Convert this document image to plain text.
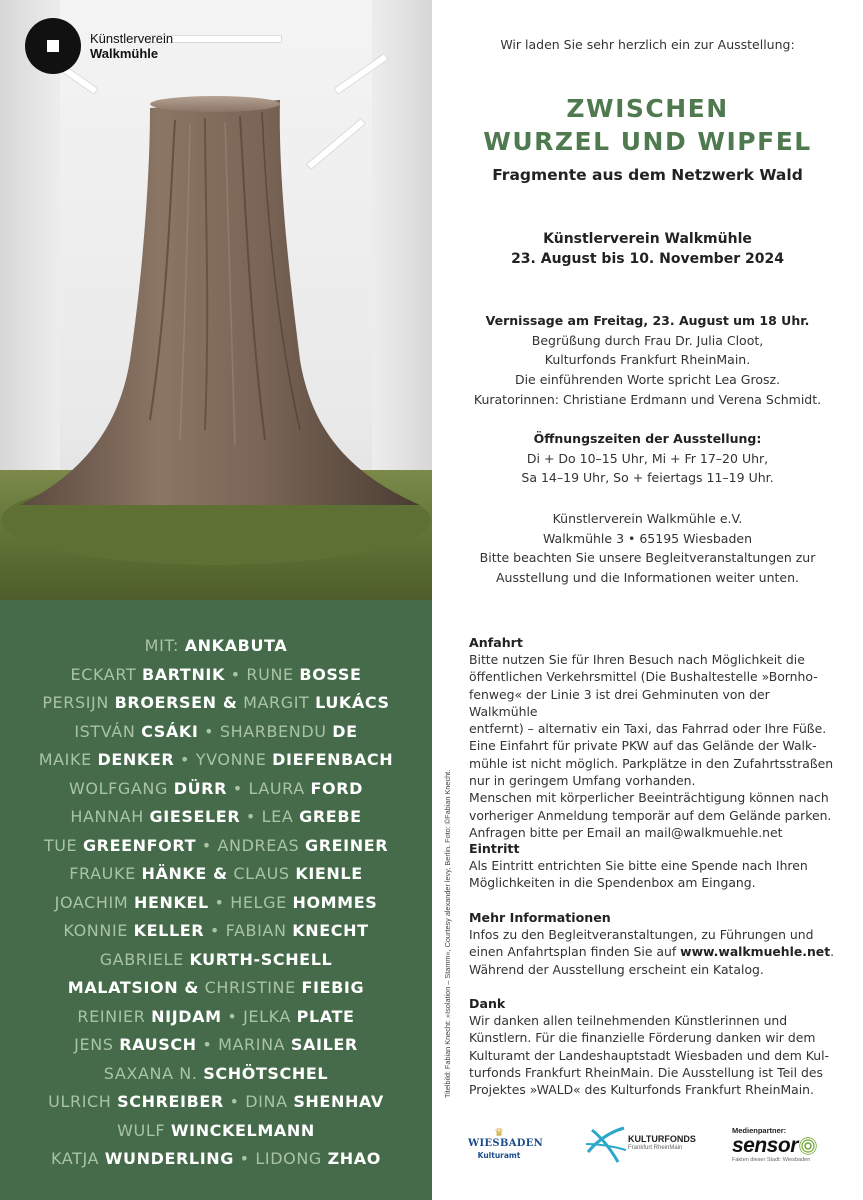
Künstlerverein
Walkmühle
MIT: ANKABUTA
ECKART BARTNIK • RUNE BOSSE
PERSIJN BROERSEN & MARGIT LUKÁCS
ISTVÁN CSÁKI • SHARBENDU DE
MAIKE DENKER • YVONNE DIEFENBACH
WOLFGANG DÜRR • LAURA FORD
HANNAH GIESELER • LEA GREBE
TUE GREENFORT • ANDREAS GREINER
FRAUKE HÄNKE & CLAUS KIENLE
JOACHIM HENKEL • HELGE HOMMES
KONNIE KELLER • FABIAN KNECHT
GABRIELE KURTH-SCHELL
MALATSION & CHRISTINE FIEBIG
REINIER NIJDAM • JELKA PLATE
JENS RAUSCH • MARINA SAILER
SAXANA N. SCHÖTSCHEL
ULRICH SCHREIBER • DINA SHENHAV
WULF WINCKELMANN
KATJA WUNDERLING • LIDONG ZHAO
Titelbild: Fabian Knecht: »Isolation – Stamm«, Courtesy alexander levy, Berlin. Foto: ©Fabian Knecht.
Wir laden Sie sehr herzlich ein zur Ausstellung:
ZWISCHEN
WURZEL UND WIPFEL
Fragmente aus dem Netzwerk Wald
Künstlerverein Walkmühle
23. August bis 10. November 2024
Vernissage am Freitag, 23. August um 18 Uhr.
Begrüßung durch Frau Dr. Julia Cloot,
Kulturfonds Frankfurt RheinMain.
Die einführenden Worte spricht Lea Grosz.
Kuratorinnen: Christiane Erdmann und Verena Schmidt.
Öffnungszeiten der Ausstellung:
Di + Do 10–15 Uhr, Mi + Fr 17–20 Uhr,
Sa 14–19 Uhr, So + feiertags 11–19 Uhr.
Künstlerverein Walkmühle e.V.
Walkmühle 3 • 65195 Wiesbaden
Bitte beachten Sie unsere Begleitveranstaltungen zur
Ausstellung und die Informationen weiter unten.
Anfahrt

Bitte nutzen Sie für Ihren Besuch nach Möglichkeit die

öffentlichen Verkehrsmittel (Die Bushaltestelle »Bornho-

fenweg« der Linie 3 ist drei Gehminuten von der Walkmühle

entfernt) – alternativ ein Taxi, das Fahrrad oder Ihre Füße.

Eine Einfahrt für private PKW auf das Gelände der Walk-

mühle ist nicht möglich. Parkplätze in den Zufahrtsstraßen

nur in geringem Umfang vorhanden.

Menschen mit körperlicher Beeinträchtigung können nach

vorheriger Anmeldung temporär auf dem Gelände parken.

Anfragen bitte per Email an mail@walkmuehle.net

Eintritt

Als Eintritt entrichten Sie bitte eine Spende nach Ihren

Möglichkeiten in die Spendenbox am Eingang.

Mehr Informationen

Infos zu den Begleitveranstaltungen, zu Führungen und

einen Anfahrtsplan finden Sie auf www.walkmuehle.net.

Während der Ausstellung erscheint ein Katalog.

Dank

Wir danken allen teilnehmenden Künstlerinnen und

Künstlern. Für die finanzielle Förderung danken wir dem

Kulturamt der Landeshauptstadt Wiesbaden und dem Kul-

turfonds Frankfurt RheinMain. Die Ausstellung ist Teil des

Projektes »WALD« des Kulturfonds Frankfurt RheinMain.

♛
WIESBADEN
Kulturamt
KULTURFONDS
Frankfurt RheinMain
Medienpartner:
sensor
Fakten dieser Stadt: Wiesbaden
